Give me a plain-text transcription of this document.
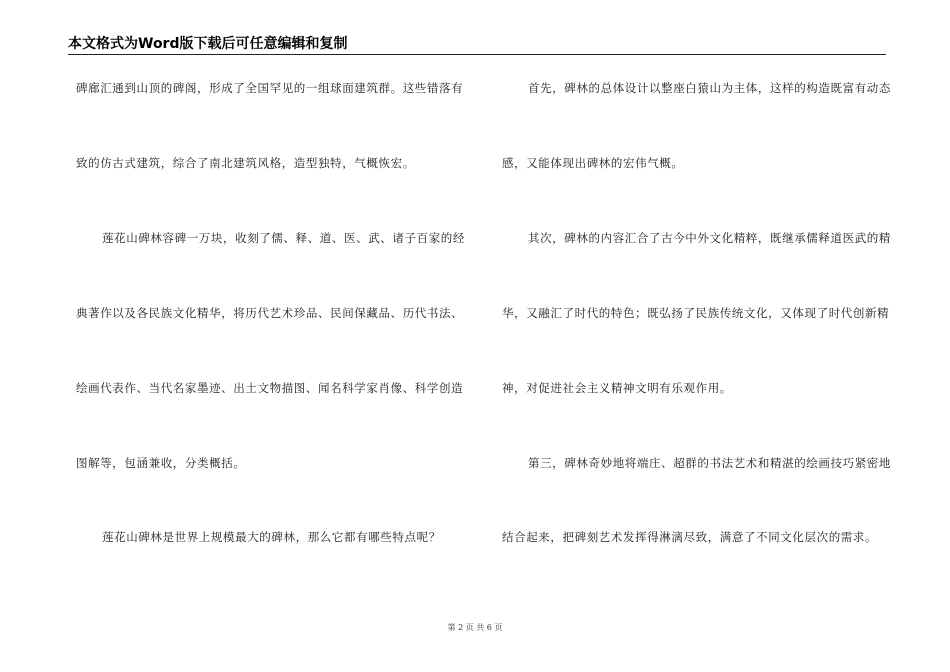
本文格式为Word版下载后可任意编辑和复制
碑廊汇通到山顶的碑阁，形成了全国罕见的一组球面建筑群。这些错落有
致的仿古式建筑，综合了南北建筑风格，造型独特，气概恢宏。
莲花山碑林容碑一万块，收刻了儒、释、道、医、武、诸子百家的经
典著作以及各民族文化精华，将历代艺术珍品、民间保藏品、历代书法、
绘画代表作、当代名家墨迹、出土文物描图、闻名科学家肖像、科学创造
图解等，包涵兼收，分类概括。
莲花山碑林是世界上规模最大的碑林，那么它都有哪些特点呢？
首先，碑林的总体设计以整座白猿山为主体，这样的构造既富有动态
感，又能体现出碑林的宏伟气概。
其次，碑林的内容汇合了古今中外文化精粹，既继承儒释道医武的精
华，又融汇了时代的特色；既弘扬了民族传统文化，又体现了时代创新精
神，对促进社会主义精神文明有乐观作用。
第三，碑林奇妙地将端庄、超群的书法艺术和精湛的绘画技巧紧密地
结合起来，把碑刻艺术发挥得淋漓尽致，满意了不同文化层次的需求。
第 2 页 共 6 页
